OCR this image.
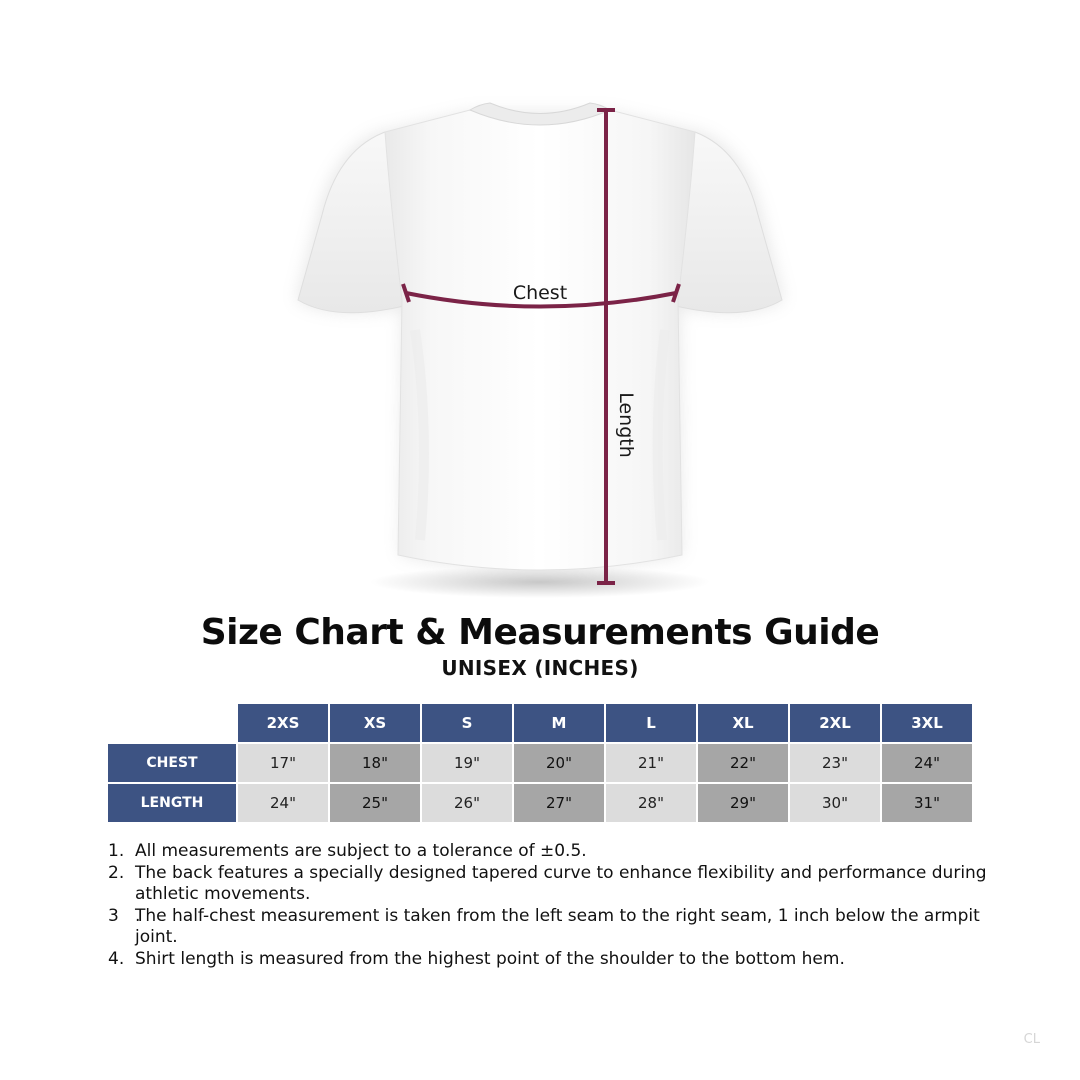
Chest
Length
Size Chart & Measurements Guide
UNISEX (INCHES)
	2XS	XS	S	M	L	XL	2XL	3XL
CHEST	17"	18"	19"	20"	21"	22"	23"	24"
LENGTH	24"	25"	26"	27"	28"	29"	30"	31"
1. All measurements are subject to a tolerance of ±0.5.
2. The back features a specially designed tapered curve to enhance flexibility and performance during athletic movements.
3   .
The half-chest measurement is taken from the left seam to the right seam, 1 inch below the armpit joint.
4. Shirt length is measured from the highest point of the shoulder to the bottom hem.
CL
